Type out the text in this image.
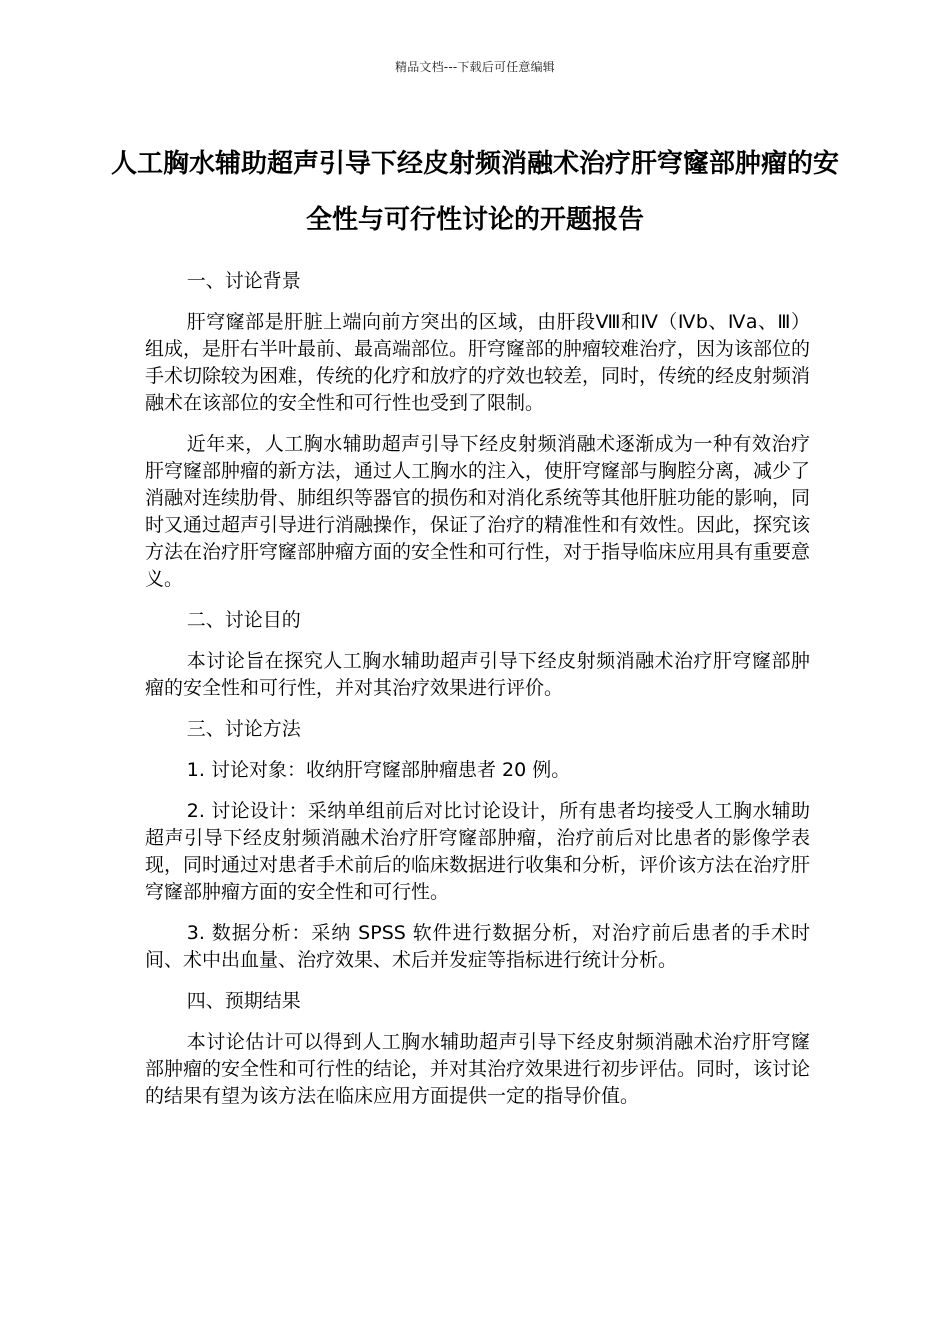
精品文档---下载后可任意编辑
人工胸水辅助超声引导下经皮射频消融术治疗肝穹窿部肿瘤的安全性与可行性讨论的开题报告

一、讨论背景

肝穹窿部是肝脏上端向前方突出的区域，由肝段Ⅷ和Ⅳ（Ⅳb、Ⅳa、Ⅲ）组成，是肝右半叶最前、最高端部位。肝穹窿部的肿瘤较难治疗，因为该部位的手术切除较为困难，传统的化疗和放疗的疗效也较差，同时，传统的经皮射频消融术在该部位的安全性和可行性也受到了限制。

近年来，人工胸水辅助超声引导下经皮射频消融术逐渐成为一种有效治疗肝穹窿部肿瘤的新方法，通过人工胸水的注入，使肝穹窿部与胸腔分离，减少了消融对连续肋骨、肺组织等器官的损伤和对消化系统等其他肝脏功能的影响，同时又通过超声引导进行消融操作，保证了治疗的精准性和有效性。因此，探究该方法在治疗肝穹窿部肿瘤方面的安全性和可行性，对于指导临床应用具有重要意义。

二、讨论目的

本讨论旨在探究人工胸水辅助超声引导下经皮射频消融术治疗肝穹窿部肿瘤的安全性和可行性，并对其治疗效果进行评价。

三、讨论方法

1. 讨论对象：收纳肝穹窿部肿瘤患者 20 例。

2. 讨论设计：采纳单组前后对比讨论设计，所有患者均接受人工胸水辅助超声引导下经皮射频消融术治疗肝穹窿部肿瘤，治疗前后对比患者的影像学表现，同时通过对患者手术前后的临床数据进行收集和分析，评价该方法在治疗肝穹窿部肿瘤方面的安全性和可行性。

3. 数据分析：采纳 SPSS 软件进行数据分析，对治疗前后患者的手术时间、术中出血量、治疗效果、术后并发症等指标进行统计分析。

四、预期结果

本讨论估计可以得到人工胸水辅助超声引导下经皮射频消融术治疗肝穹窿部肿瘤的安全性和可行性的结论，并对其治疗效果进行初步评估。同时，该讨论的结果有望为该方法在临床应用方面提供一定的指导价值。
